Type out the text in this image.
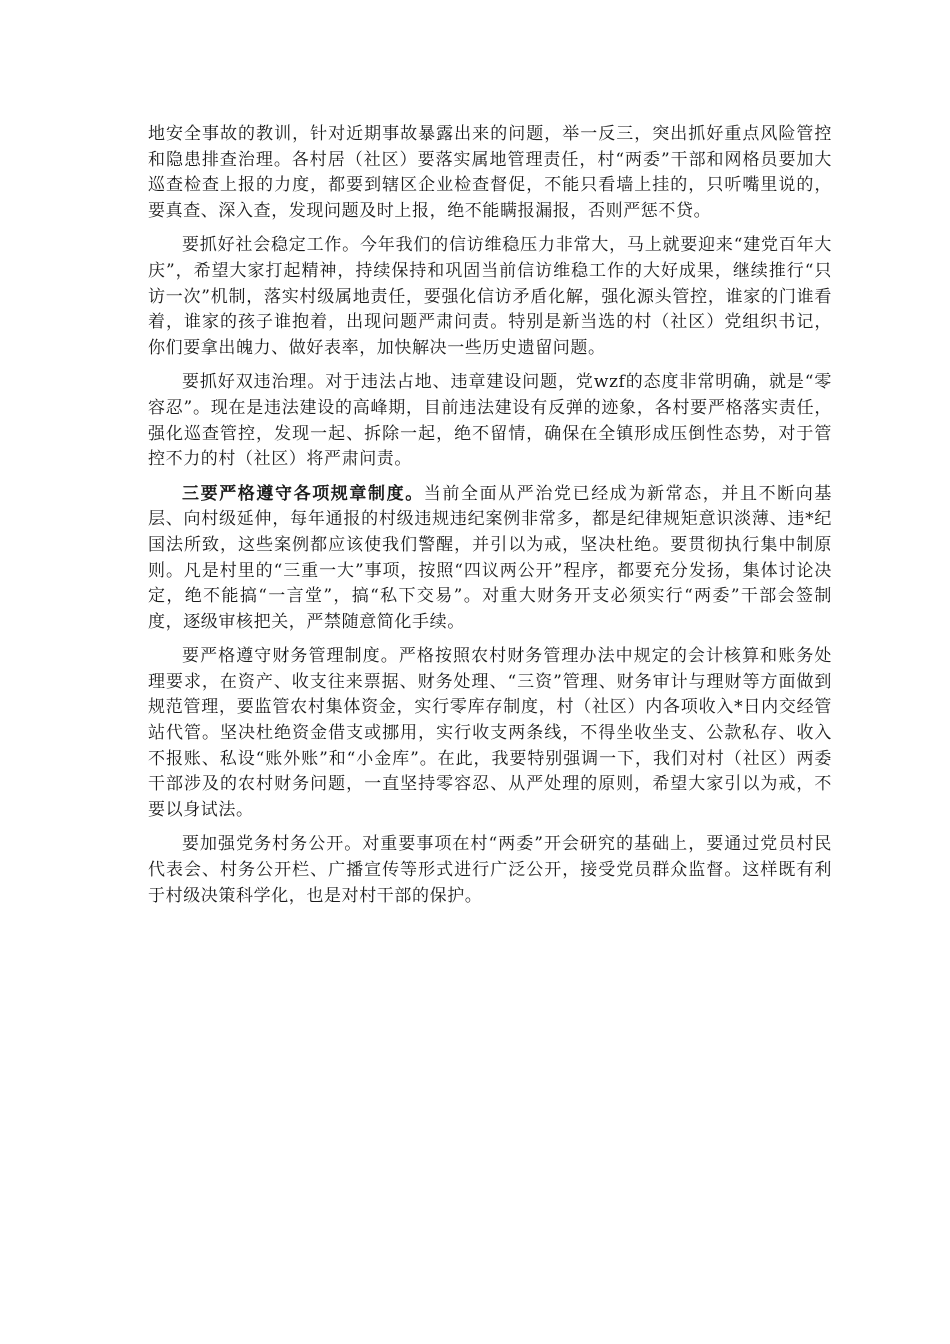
地安全事故的教训，针对近期事故暴露出来的问题，举一反三，突出抓好重点风险管控和隐患排查治理。各村居（社区）要落实属地管理责任，村“两委”干部和网格员要加大巡查检查上报的力度，都要到辖区企业检查督促，不能只看墙上挂的，只听嘴里说的，要真查、深入查，发现问题及时上报，绝不能瞒报漏报，否则严惩不贷。

要抓好社会稳定工作。今年我们的信访维稳压力非常大，马上就要迎来“建党百年大庆”，希望大家打起精神，持续保持和巩固当前信访维稳工作的大好成果，继续推行“只访一次”机制，落实村级属地责任，要强化信访矛盾化解，强化源头管控，谁家的门谁看着，谁家的孩子谁抱着，出现问题严肃问责。特别是新当选的村（社区）党组织书记，你们要拿出魄力、做好表率，加快解决一些历史遗留问题。

要抓好双违治理。对于违法占地、违章建设问题，党wzf的态度非常明确，就是“零容忍”。现在是违法建设的高峰期，目前违法建设有反弹的迹象，各村要严格落实责任，强化巡查管控，发现一起、拆除一起，绝不留情，确保在全镇形成压倒性态势，对于管控不力的村（社区）将严肃问责。

三要严格遵守各项规章制度。当前全面从严治党已经成为新常态，并且不断向基层、向村级延伸，每年通报的村级违规违纪案例非常多，都是纪律规矩意识淡薄、违*纪国法所致，这些案例都应该使我们警醒，并引以为戒，坚决杜绝。要贯彻执行集中制原则。凡是村里的“三重一大”事项，按照“四议两公开”程序，都要充分发扬，集体讨论决定，绝不能搞“一言堂”，搞“私下交易”。对重大财务开支必须实行“两委”干部会签制度，逐级审核把关，严禁随意简化手续。

要严格遵守财务管理制度。严格按照农村财务管理办法中规定的会计核算和账务处理要求，在资产、收支往来票据、财务处理、“三资”管理、财务审计与理财等方面做到规范管理，要监管农村集体资金，实行零库存制度，村（社区）内各项收入*日内交经管站代管。坚决杜绝资金借支或挪用，实行收支两条线，不得坐收坐支、公款私存、收入不报账、私设“账外账”和“小金库”。在此，我要特别强调一下，我们对村（社区）两委干部涉及的农村财务问题，一直坚持零容忍、从严处理的原则，希望大家引以为戒，不要以身试法。

要加强党务村务公开。对重要事项在村“两委”开会研究的基础上，要通过党员村民代表会、村务公开栏、广播宣传等形式进行广泛公开，接受党员群众监督。这样既有利于村级决策科学化，也是对村干部的保护。
